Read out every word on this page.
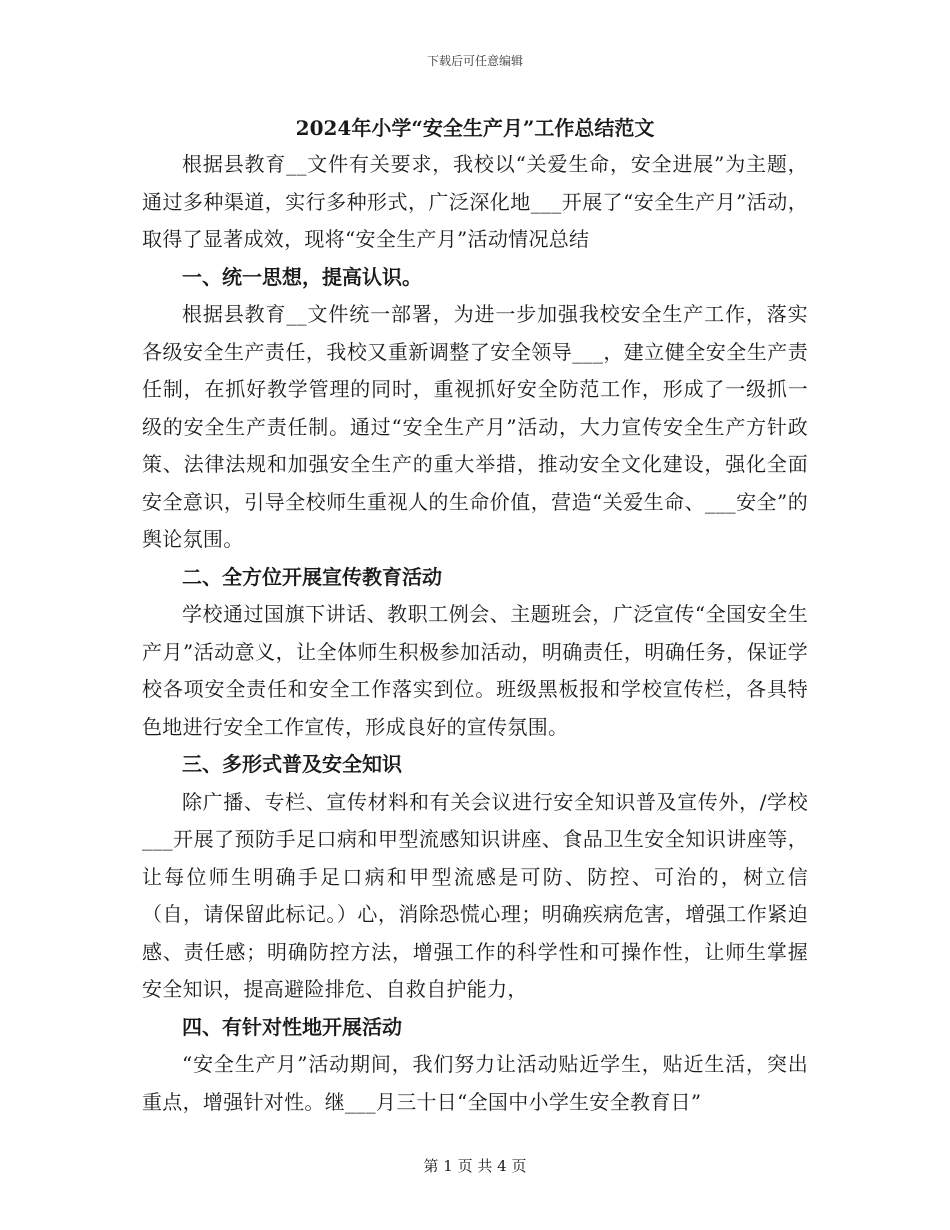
下载后可任意编辑
2024年小学“安全生产月”工作总结范文

根据县教育__文件有关要求，我校以“关爱生命，安全进展”为主题，通过多种渠道，实行多种形式，广泛深化地___开展了“安全生产月”活动，取得了显著成效，现将“安全生产月”活动情况总结

一、统一思想，提高认识。

根据县教育__文件统一部署，为进一步加强我校安全生产工作，落实各级安全生产责任，我校又重新调整了安全领导___，建立健全安全生产责任制，在抓好教学管理的同时，重视抓好安全防范工作，形成了一级抓一级的安全生产责任制。通过“安全生产月”活动，大力宣传安全生产方针政策、法律法规和加强安全生产的重大举措，推动安全文化建设，强化全面安全意识，引导全校师生重视人的生命价值，营造“关爱生命、___安全”的舆论氛围。

二、全方位开展宣传教育活动

学校通过国旗下讲话、教职工例会、主题班会，广泛宣传“全国安全生产月”活动意义，让全体师生积极参加活动，明确责任，明确任务，保证学校各项安全责任和安全工作落实到位。班级黑板报和学校宣传栏，各具特色地进行安全工作宣传，形成良好的宣传氛围。

三、多形式普及安全知识

除广播、专栏、宣传材料和有关会议进行安全知识普及宣传外，/学校___开展了预防手足口病和甲型流感知识讲座、食品卫生安全知识讲座等，让每位师生明确手足口病和甲型流感是可防、防控、可治的，树立信（自，请保留此标记。）心，消除恐慌心理；明确疾病危害，增强工作紧迫感、责任感；明确防控方法，增强工作的科学性和可操作性，让师生掌握安全知识，提高避险排危、自救自护能力，

四、有针对性地开展活动

“安全生产月”活动期间，我们努力让活动贴近学生，贴近生活，突出重点，增强针对性。继___月三十日“全国中小学生安全教育日”

第 1 页 共 4 页
